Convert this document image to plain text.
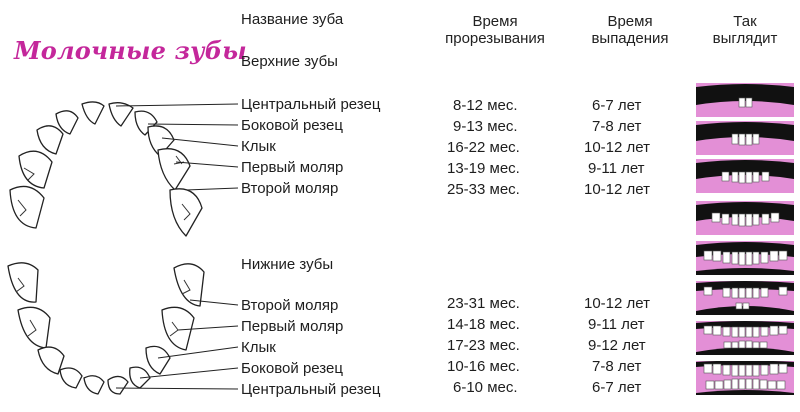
Молочные зубы
Название зуба	Время
прорезывания
Время
выпадения
Так
выглядит
Верхние зубы
Нижние зубы
Центральный резец
Боковой резец
Клык
Первый моляр
Второй моляр
8-12 мес.
9-13 мес.
16-22 мес.
13-19 мес.
25-33 мес.
6-7 лет
7-8 лет
10-12 лет
9-11 лет
10-12 лет
Второй моляр
Первый моляр
Клык
Боковой резец
Центральный резец
23-31 мес.
14-18 мес.
17-23 мес.
10-16 мес.
6-10 мес.
10-12 лет
9-11 лет
9-12 лет
7-8 лет
6-7 лет
